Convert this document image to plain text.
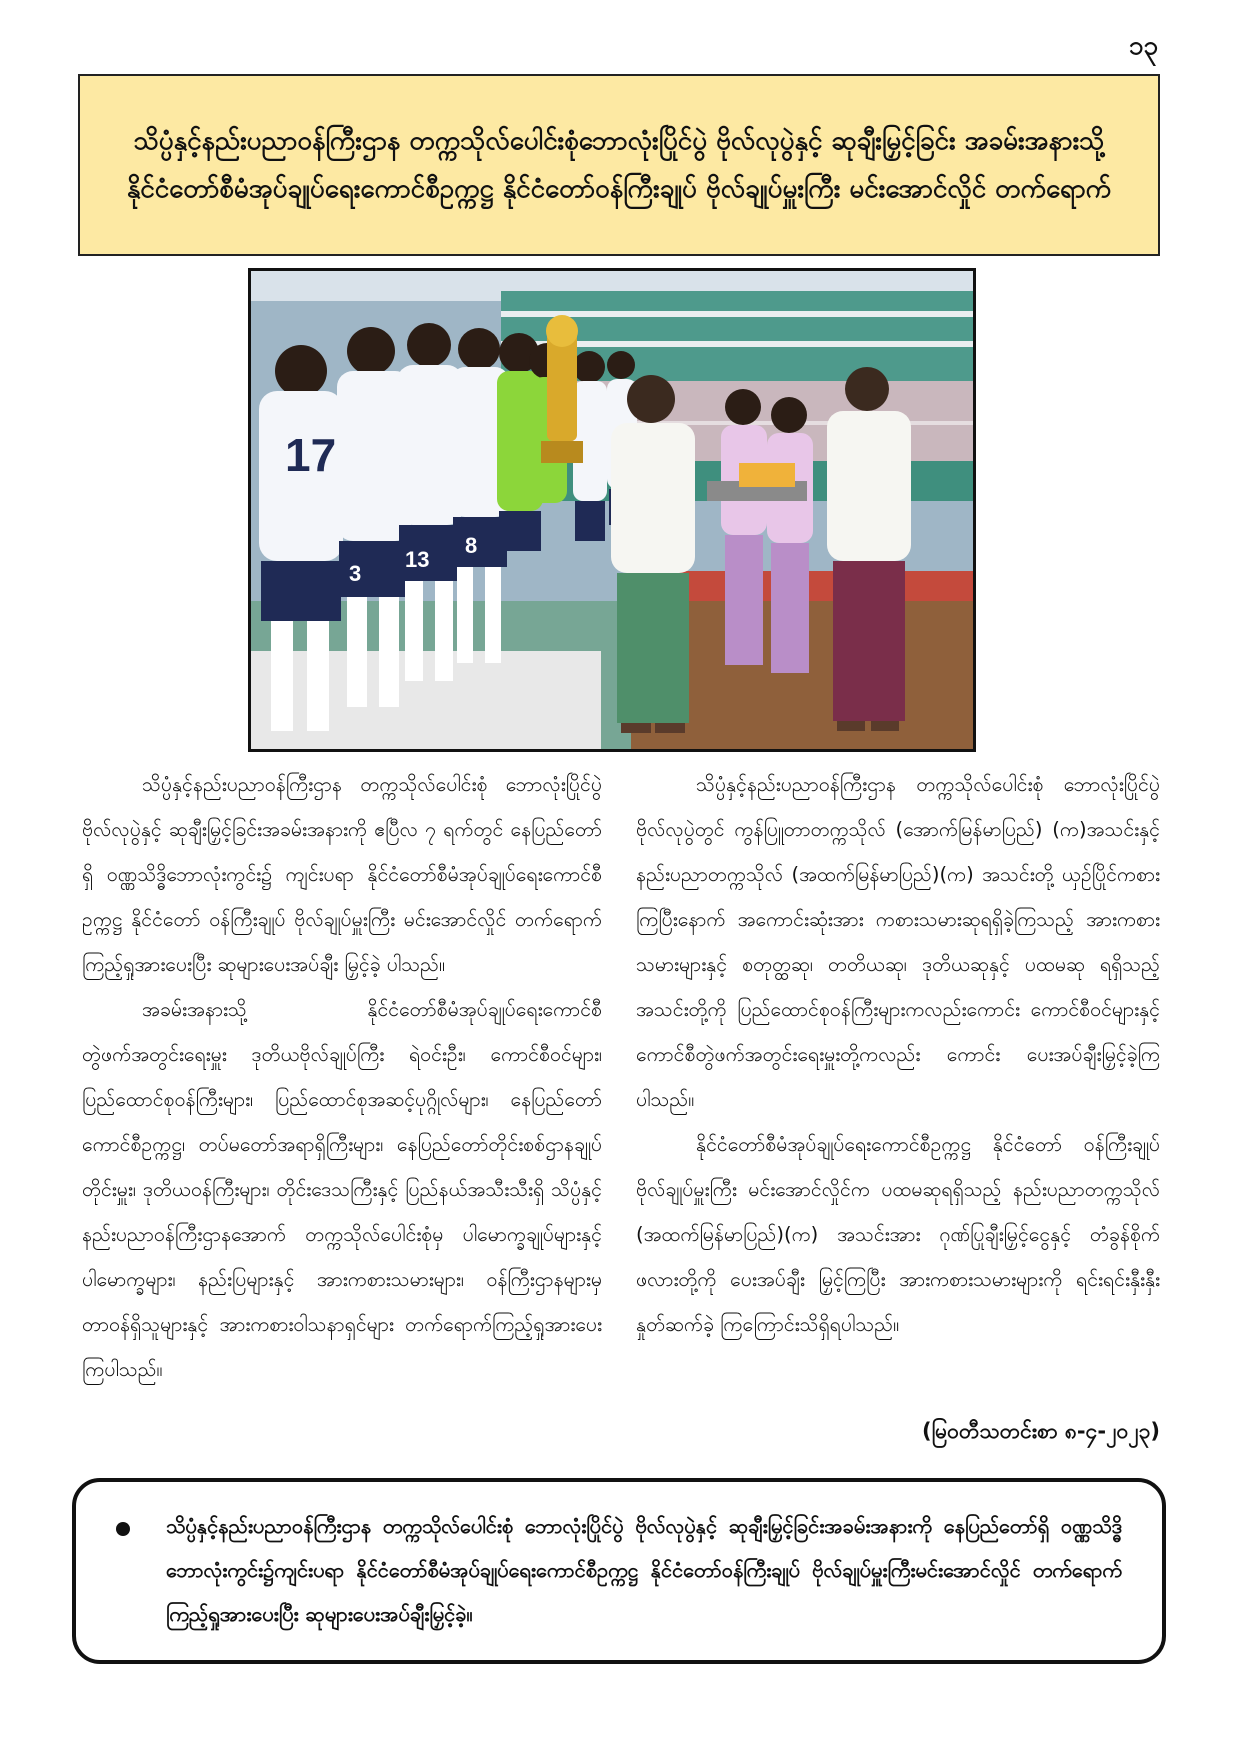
၁၃
သိပ္ပံနှင့်နည်းပညာဝန်ကြီးဌာန တက္ကသိုလ်ပေါင်းစုံဘောလုံးပြိုင်ပွဲ ဗိုလ်လုပွဲနှင့် ဆုချီးမြှင့်ခြင်း အခမ်းအနားသို့ နိုင်ငံတော်စီမံအုပ်ချုပ်ရေးကောင်စီဥက္ကဋ္ဌ နိုင်ငံတော်ဝန်ကြီးချုပ် ဗိုလ်ချုပ်မှူးကြီး မင်းအောင်လှိုင် တက်ရောက်
17
3
13
8

သိပ္ပံနှင့်နည်းပညာဝန်ကြီးဌာန တက္ကသိုလ်ပေါင်းစုံ ဘောလုံးပြိုင်ပွဲ ဗိုလ်လုပွဲနှင့် ဆုချီးမြှင့်ခြင်းအခမ်းအနားကို ဧပြီလ ၇ ရက်တွင် နေပြည်တော်ရှိ ဝဏ္ဏသိဒ္ဓိဘောလုံးကွင်း၌ ကျင်းပရာ နိုင်ငံတော်စီမံအုပ်ချုပ်ရေးကောင်စီဥက္ကဋ္ဌ နိုင်ငံတော် ဝန်ကြီးချုပ် ဗိုလ်ချုပ်မှူးကြီး မင်းအောင်လှိုင် တက်ရောက် ကြည့်ရှုအားပေးပြီး ဆုများပေးအပ်ချီး မြှင့်ခဲ့ ပါသည်။

အခမ်းအနားသို့ နိုင်ငံတော်စီမံအုပ်ချုပ်ရေးကောင်စီ တွဲဖက်အတွင်းရေးမှူး ဒုတိယဗိုလ်ချုပ်ကြီး ရဲဝင်းဦး၊ ကောင်စီဝင်များ၊ ပြည်ထောင်စုဝန်ကြီးများ၊ ပြည်ထောင်စုအဆင့်ပုဂ္ဂိုလ်များ၊ နေပြည်တော်ကောင်စီဥက္ကဋ္ဌ၊ တပ်မတော်အရာရှိကြီးများ၊ နေပြည်တော်တိုင်းစစ်ဌာနချုပ်တိုင်းမှူး၊ ဒုတိယဝန်ကြီးများ၊ တိုင်းဒေသကြီးနှင့် ပြည်နယ်အသီးသီးရှိ သိပ္ပံနှင့်နည်းပညာဝန်ကြီးဌာနအောက် တက္ကသိုလ်ပေါင်းစုံမှ ပါမောက္ခချုပ်များနှင့် ပါမောက္ခများ၊ နည်းပြများနှင့် အားကစားသမားများ၊ ဝန်ကြီးဌာနများမှ တာဝန်ရှိသူများနှင့် အားကစားဝါသနာရှင်များ တက်ရောက်ကြည့်ရှုအားပေးကြပါသည်။

သိပ္ပံနှင့်နည်းပညာဝန်ကြီးဌာန တက္ကသိုလ်ပေါင်းစုံ ဘောလုံးပြိုင်ပွဲ ဗိုလ်လုပွဲတွင် ကွန်ပြူတာတက္ကသိုလ် (အောက်မြန်မာပြည်) (က)အသင်းနှင့် နည်းပညာတက္ကသိုလ် (အထက်မြန်မာပြည်)(က) အသင်းတို့ ယှဉ်ပြိုင်ကစားကြပြီးနောက် အကောင်းဆုံးအား ကစားသမားဆုရရှိခဲ့ကြသည့် အားကစား သမားများနှင့် စတုတ္ထဆု၊ တတိယဆု၊ ဒုတိယဆုနှင့် ပထမဆု ရရှိသည့်အသင်းတို့ကို ပြည်ထောင်စုဝန်ကြီးများကလည်းကောင်း ကောင်စီဝင်များနှင့် ကောင်စီတွဲဖက်အတွင်းရေးမှူးတို့ကလည်း ကောင်း ပေးအပ်ချီးမြှင့်ခဲ့ကြပါသည်။

နိုင်ငံတော်စီမံအုပ်ချုပ်ရေးကောင်စီဥက္ကဋ္ဌ နိုင်ငံတော် ဝန်ကြီးချုပ် ဗိုလ်ချုပ်မှူးကြီး မင်းအောင်လှိုင်က ပထမဆုရရှိသည့် နည်းပညာတက္ကသိုလ် (အထက်မြန်မာပြည်)(က) အသင်းအား ဂုဏ်ပြုချီးမြှင့်ငွေနှင့် တံခွန်စိုက်ဖလားတို့ကို ပေးအပ်ချီး မြှင့်ကြပြီး အားကစားသမားများကို ရင်းရင်းနှီးနှီး နှုတ်ဆက်ခဲ့ ကြကြောင်းသိရှိရပါသည်။

(မြဝတီသတင်းစာ ၈-၄-၂၀၂၃)
သိပ္ပံနှင့်နည်းပညာဝန်ကြီးဌာန တက္ကသိုလ်ပေါင်းစုံ ဘောလုံးပြိုင်ပွဲ ဗိုလ်လုပွဲနှင့် ဆုချီးမြှင့်ခြင်းအခမ်းအနားကို နေပြည်တော်ရှိ ဝဏ္ဏသိဒ္ဓိဘောလုံးကွင်း၌ကျင်းပရာ နိုင်ငံတော်စီမံအုပ်ချုပ်ရေးကောင်စီဥက္ကဋ္ဌ နိုင်ငံတော်ဝန်ကြီးချုပ် ဗိုလ်ချုပ်မှူးကြီးမင်းအောင်လှိုင် တက်ရောက်ကြည့်ရှုအားပေးပြီး ဆုများပေးအပ်ချီးမြှင့်ခဲ့။
